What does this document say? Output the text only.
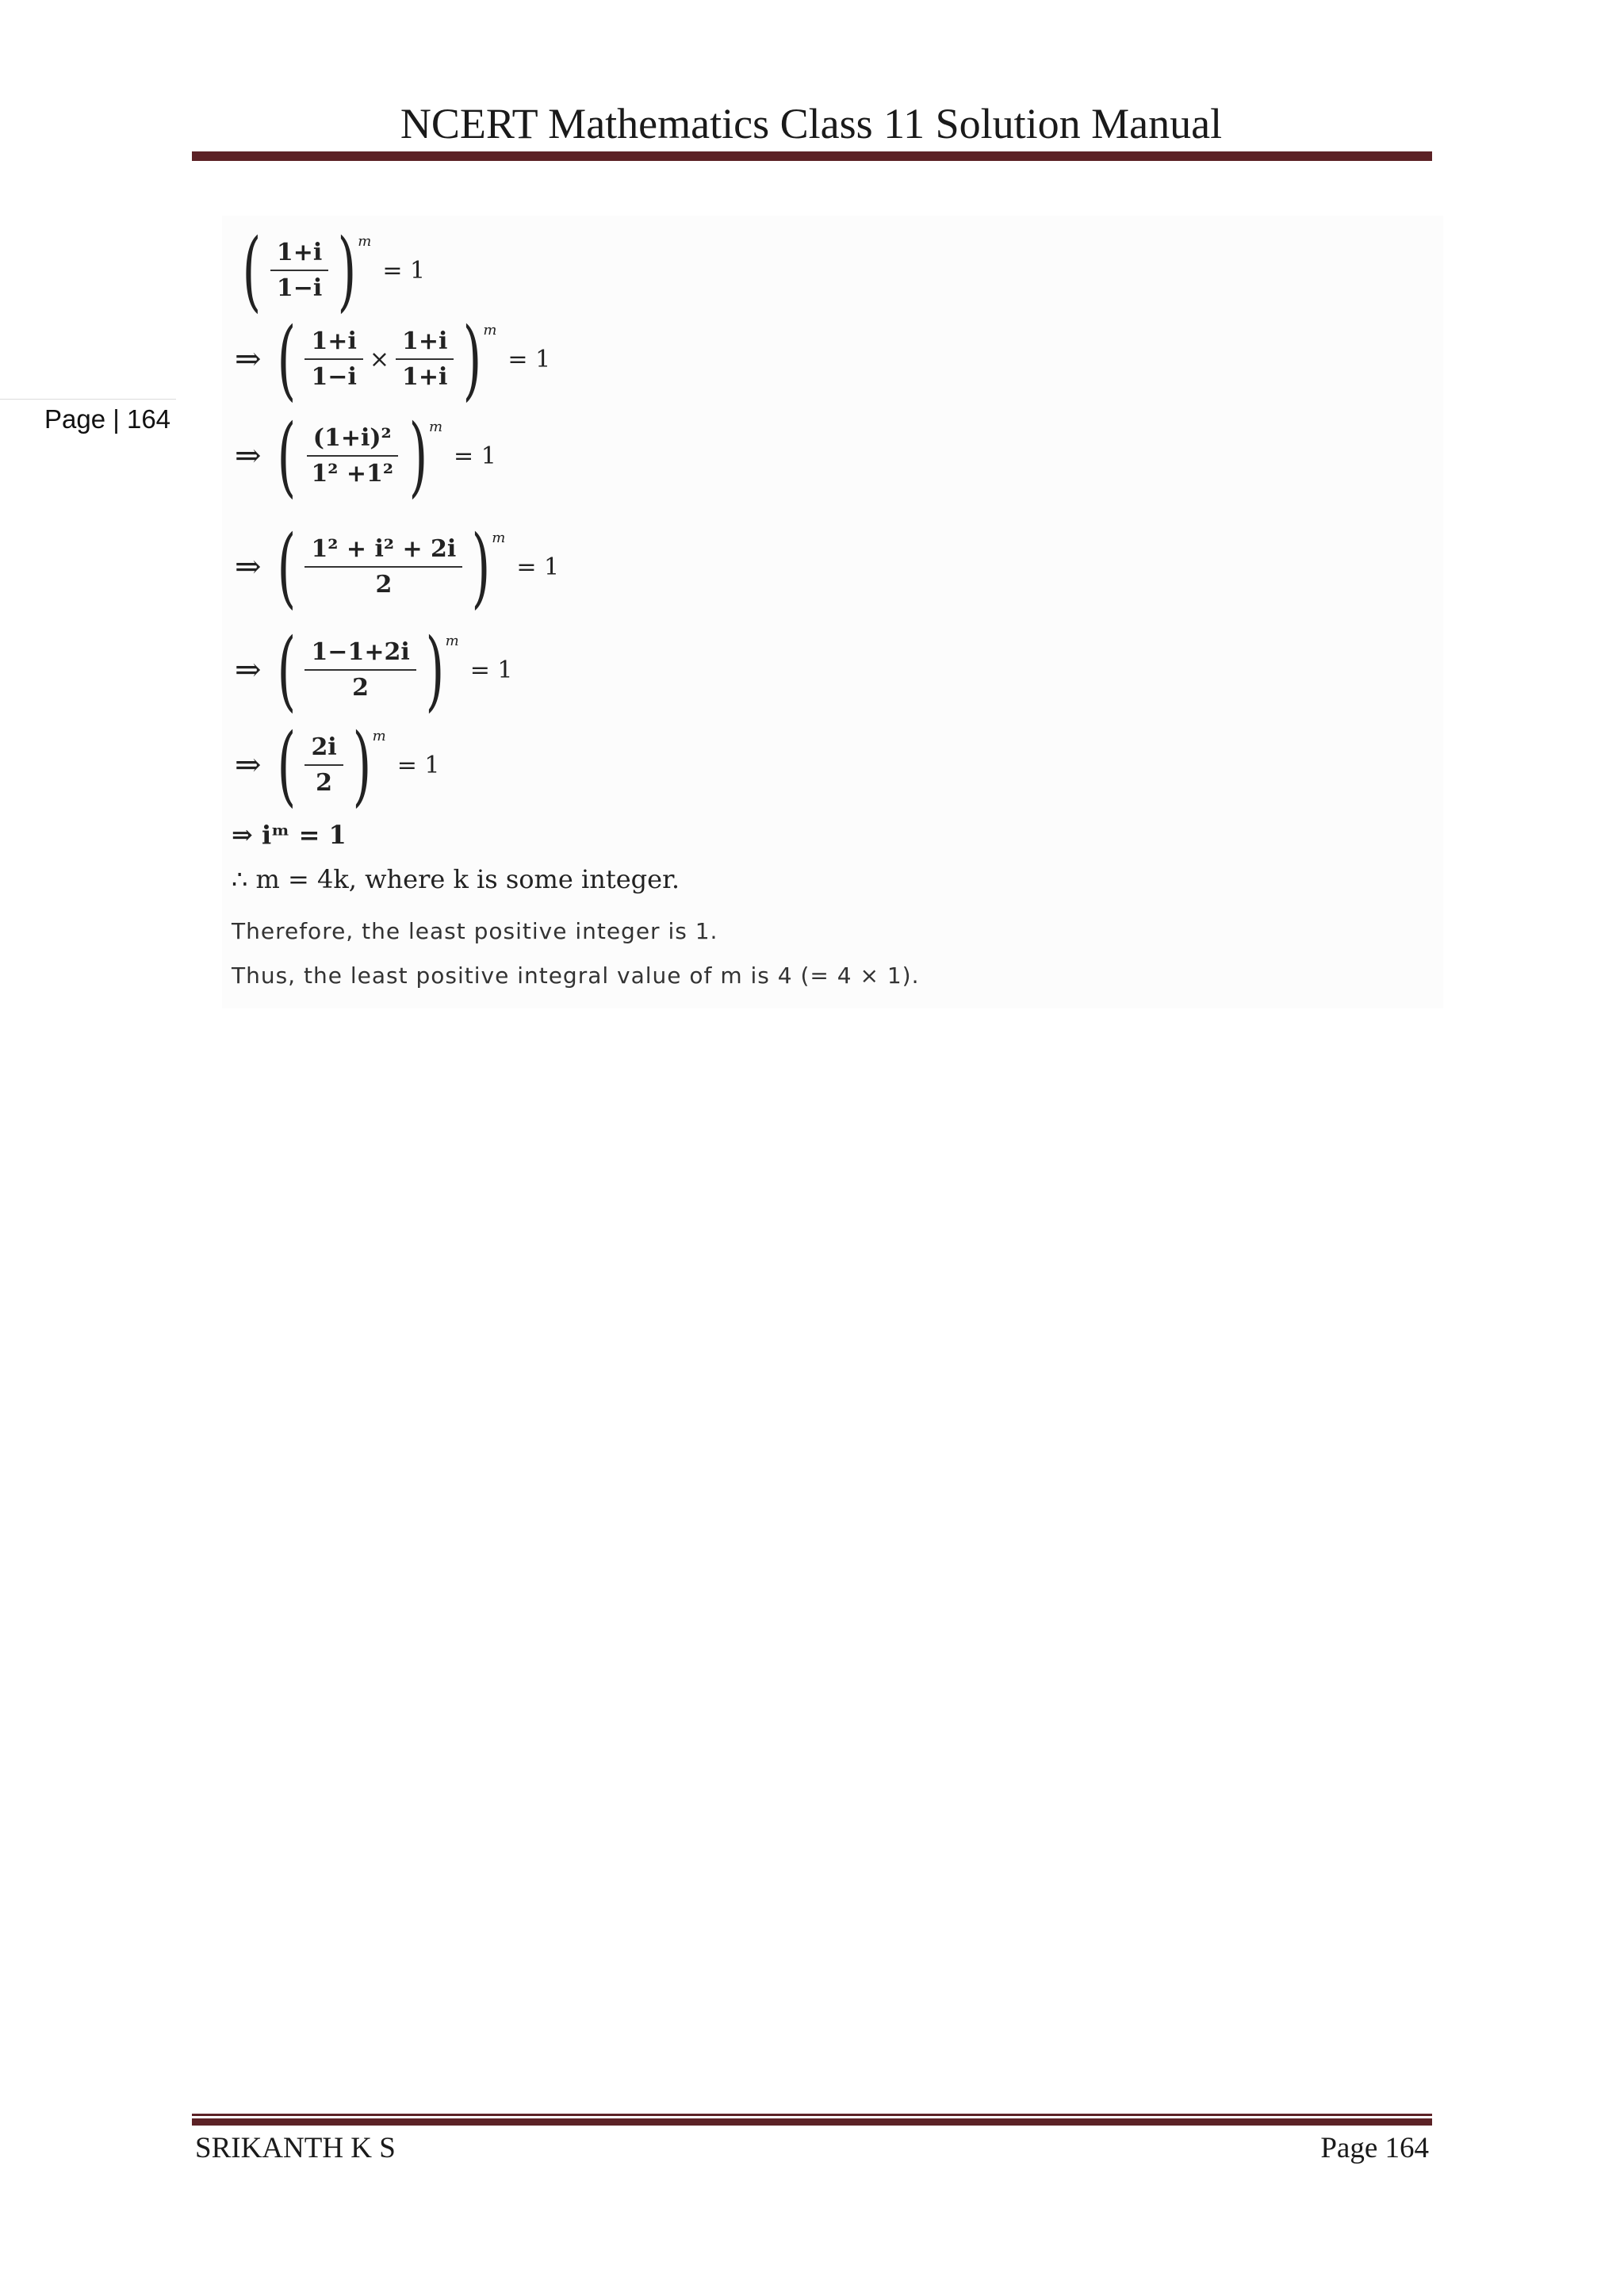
NCERT Mathematics Class 11 Solution Manual
Page | 164
( $\frac{1+i}{1-i}$ ) m
= 1
⇒ ( $\frac{1+i}{1-i} \times \frac{1+i}{1+i}$ ) m
= 1
⇒ ( $\frac{\text{(1+i)²}}{\text{1² +1²}}$ ) m
= 1
⇒ ( $\frac{\text{1² + i² + 2i}}{2}$ ) m
= 1
⇒ ( $\frac{1-1+2i}{2}$ ) m
= 1
⇒ ( $\frac{2i}{2}$ ) m
= 1
⇒ iᵐ = 1
∴ m = 4k, where k is some integer.
Therefore, the least positive integer is 1.
Thus, the least positive integral value of m is 4 (= 4 × 1).
SRIKANTH K S	Page 164
